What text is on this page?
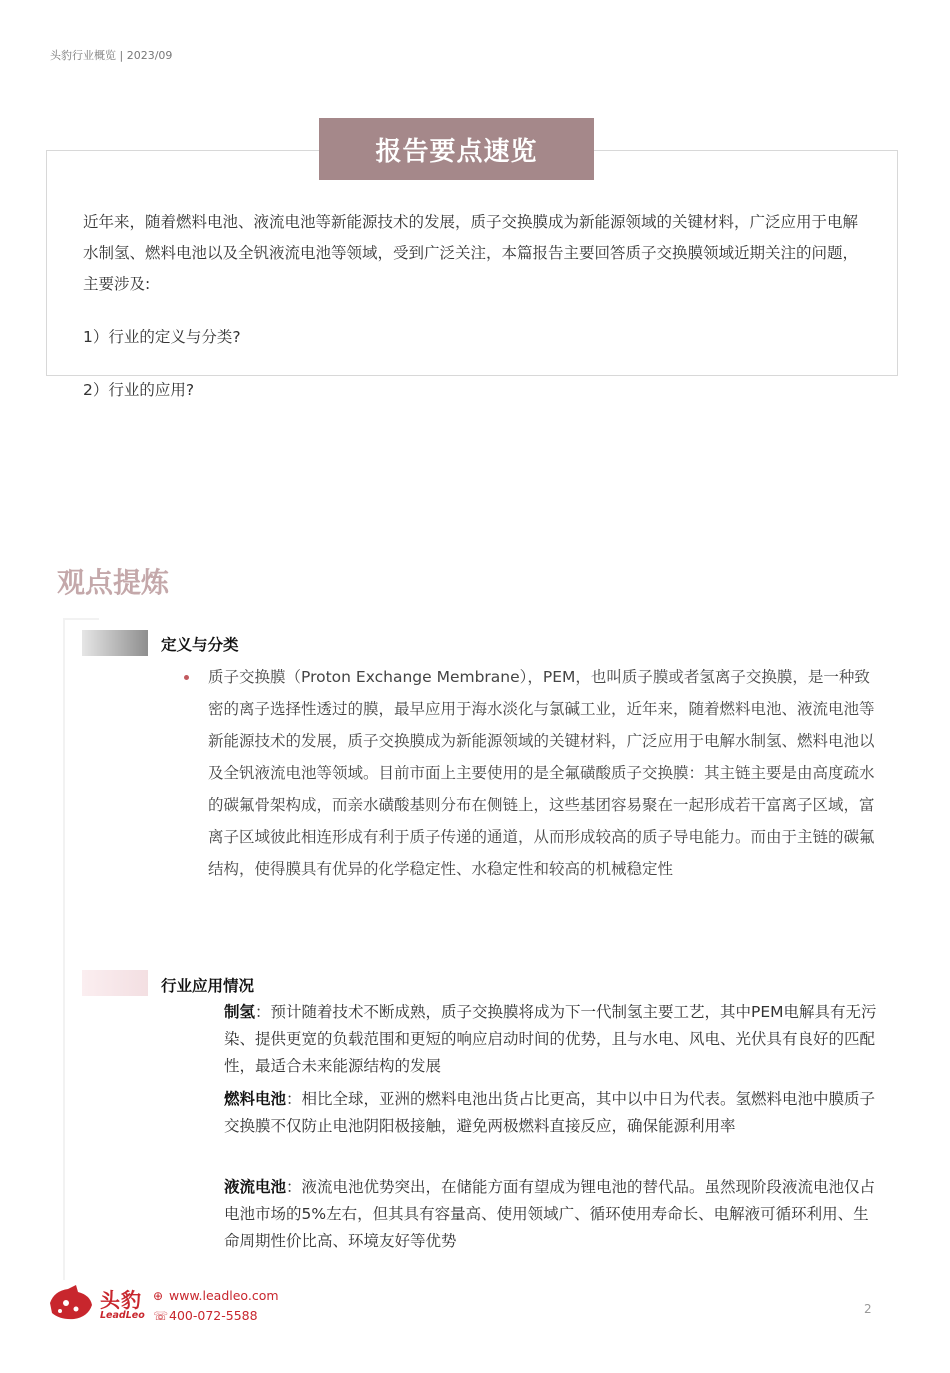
头豹行业概览 | 2023/09
报告要点速览
近年来，随着燃料电池、液流电池等新能源技术的发展，质子交换膜成为新能源领域的关键材料，广泛应用于电解水制氢、燃料电池以及全钒液流电池等领域，受到广泛关注，本篇报告主要回答质子交换膜领域近期关注的问题，主要涉及:
1）行业的定义与分类?
2）行业的应用?
观点提炼
定义与分类
质子交换膜（Proton Exchange Membrane），PEM，也叫质子膜或者氢离子交换膜，是一种致密的离子选择性透过的膜，最早应用于海水淡化与氯碱工业，近年来，随着燃料电池、液流电池等新能源技术的发展，质子交换膜成为新能源领域的关键材料，广泛应用于电解水制氢、燃料电池以及全钒液流电池等领域。目前市面上主要使用的是全氟磺酸质子交换膜：其主链主要是由高度疏水的碳氟骨架构成，而亲水磺酸基则分布在侧链上，这些基团容易聚在一起形成若干富离子区域，富离子区域彼此相连形成有利于质子传递的通道，从而形成较高的质子导电能力。而由于主链的碳氟结构，使得膜具有优异的化学稳定性、水稳定性和较高的机械稳定性
行业应用情况
制氢：预计随着技术不断成熟，质子交换膜将成为下一代制氢主要工艺，其中PEM电解具有无污染、提供更宽的负载范围和更短的响应启动时间的优势，且与水电、风电、光伏具有良好的匹配性，最适合未来能源结构的发展
燃料电池：相比全球，亚洲的燃料电池出货占比更高，其中以中日为代表。氢燃料电池中膜质子交换膜不仅防止电池阴阳极接触，避免两极燃料直接反应，确保能源利用率
液流电池：液流电池优势突出，在储能方面有望成为锂电池的替代品。虽然现阶段液流电池仅占电池市场的5%左右，但其具有容量高、使用领域广、循环使用寿命长、电解液可循环利用、生命周期性价比高、环境友好等优势
头豹
LeadLeo
⊕ www.leadleo.com
☏400-072-5588	2
